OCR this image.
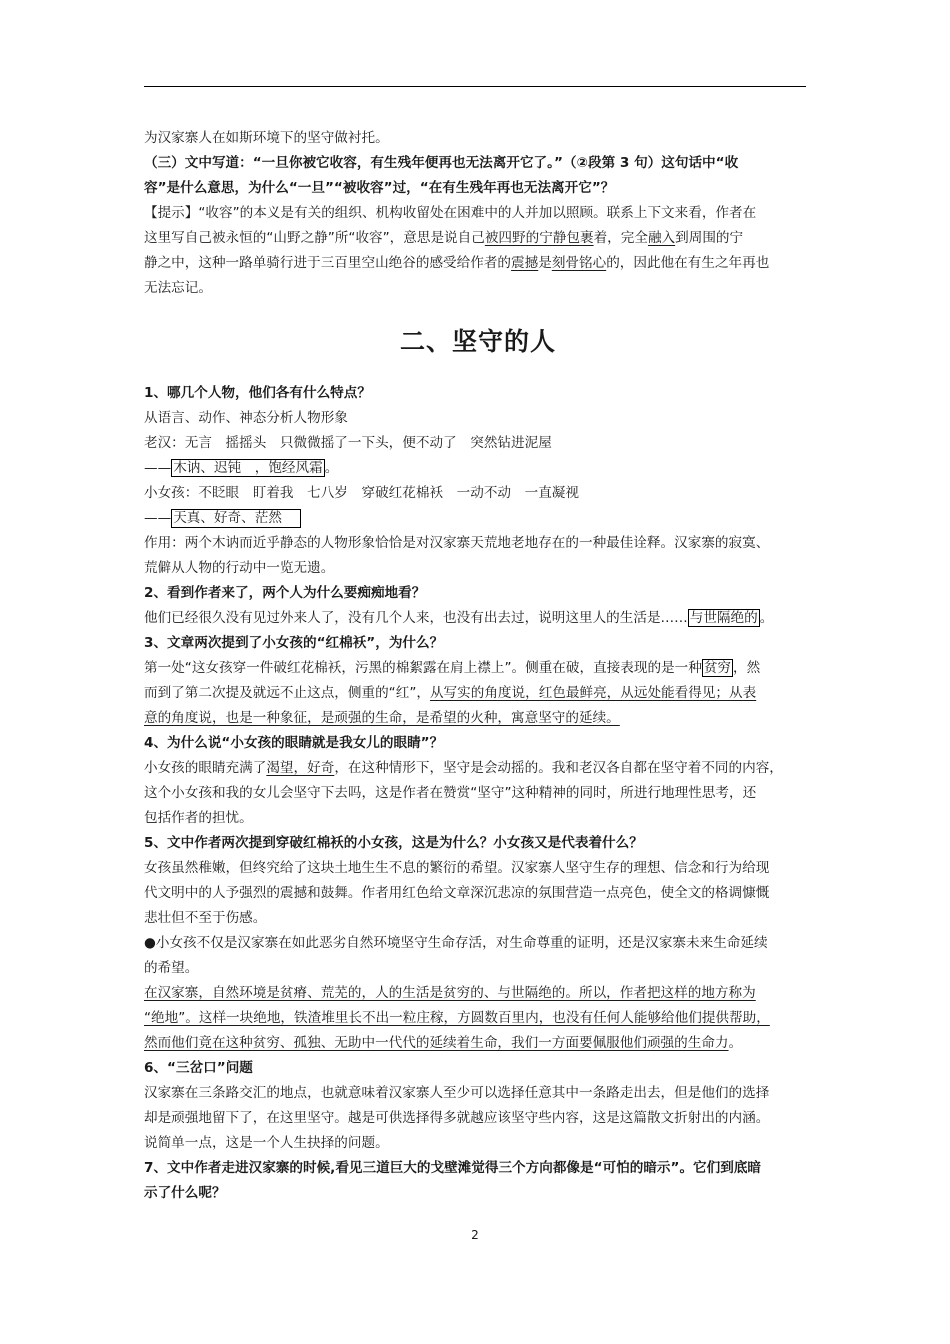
为汉家寨人在如斯环境下的坚守做衬托。

（三）文中写道：“一旦你被它收容，有生残年便再也无法离开它了。”（②段第 3 句）这句话中“收

容”是什么意思，为什么“一旦”“被收容”过，“在有生残年再也无法离开它”？

【提示】“收容”的本义是有关的组织、机构收留处在困难中的人并加以照顾。联系上下文来看，作者在

这里写自己被永恒的“山野之静”所“收容”，意思是说自己被四野的宁静包裹着，完全融入到周围的宁

静之中，这种一路单骑行进于三百里空山绝谷的感受给作者的震撼是刻骨铭心的，因此他在有生之年再也

无法忘记。

二、坚守的人

1、哪几个人物，他们各有什么特点？

从语言、动作、神态分析人物形象

老汉：无言　摇摇头　只微微摇了一下头，便不动了　突然钻进泥屋

—— 木讷、迟钝　，饱经风霜 。

小女孩：不眨眼　盯着我　七八岁　穿破红花棉袄　一动不动　一直凝视

—— 天真、好奇、茫然

作用：两个木讷而近乎静态的人物形象恰恰是对汉家寨天荒地老地存在的一种最佳诠释。汉家寨的寂寞、

荒僻从人物的行动中一览无遗。

2、看到作者来了，两个人为什么要痴痴地看？

他们已经很久没有见过外来人了，没有几个人来，也没有出去过，说明这里人的生活是…… 与世隔绝的 。

3、文章两次提到了小女孩的“红棉袄”，为什么？

第一处“这女孩穿一件破红花棉袄，污黑的棉絮露在肩上襟上”。侧重在破，直接表现的是一种 贫穷 ，然

而到了第二次提及就远不止这点，侧重的“红”，从写实的角度说，红色最鲜亮，从远处能看得见；从表

意的角度说，也是一种象征，是顽强的生命，是希望的火种，寓意坚守的延续。

4、为什么说“小女孩的眼睛就是我女儿的眼睛”？

小女孩的眼睛充满了渴望，好奇，在这种情形下，坚守是会动摇的。我和老汉各自都在坚守着不同的内容，

这个小女孩和我的女儿会坚守下去吗，这是作者在赞赏“坚守”这种精神的同时，所进行地理性思考，还

包括作者的担忧。

5、文中作者两次提到穿破红棉袄的小女孩，这是为什么？小女孩又是代表着什么？

女孩虽然稚嫩，但终究给了这块土地生生不息的繁衍的希望。汉家寨人坚守生存的理想、信念和行为给现

代文明中的人予强烈的震撼和鼓舞。作者用红色给文章深沉悲凉的氛围营造一点亮色，使全文的格调慷慨

悲壮但不至于伤感。

●小女孩不仅是汉家寨在如此恶劣自然环境坚守生命存活，对生命尊重的证明，还是汉家寨未来生命延续

的希望。

在汉家寨，自然环境是贫瘠、荒芜的，人的生活是贫穷的、与世隔绝的。所以，作者把这样的地方称为

“绝地”。这样一块绝地，铁渣堆里长不出一粒庄稼，方圆数百里内，也没有任何人能够给他们提供帮助，

然而他们竟在这种贫穷、孤独、无助中一代代的延续着生命，我们一方面要佩服他们顽强的生命力。

6、“三岔口”问题

汉家寨在三条路交汇的地点，也就意味着汉家寨人至少可以选择任意其中一条路走出去，但是他们的选择

却是顽强地留下了，在这里坚守。越是可供选择得多就越应该坚守些内容，这是这篇散文折射出的内涵。

说简单一点，这是一个人生抉择的问题。

7、文中作者走进汉家寨的时候,看见三道巨大的戈壁滩觉得三个方向都像是“可怕的暗示”。它们到底暗

示了什么呢？

2
